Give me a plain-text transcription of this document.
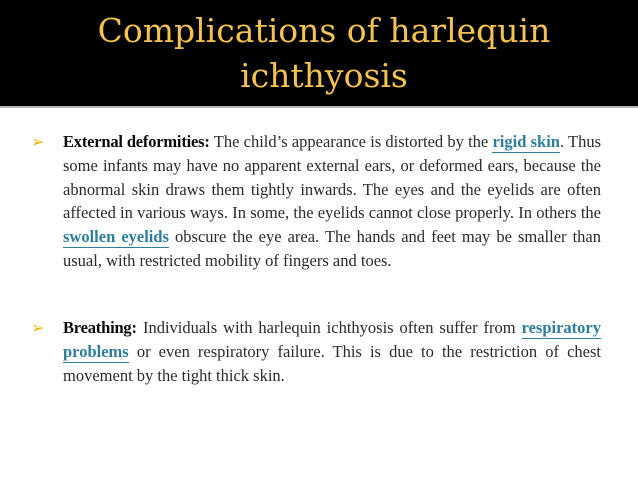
Complications of harlequin
ichthyosis
➢ External deformities: The child’s appearance is distorted by the rigid skin. Thus some infants may have no apparent external ears, or deformed ears, because the abnormal skin draws them tightly inwards. The eyes and the eyelids are often affected in various ways. In some, the eyelids cannot close properly. In others the swollen eyelids obscure the eye area. The hands and feet may be smaller than usual, with restricted mobility of fingers and toes.

➢ Breathing: Individuals with harlequin ichthyosis often suffer from respiratory problems or even respiratory failure. This is due to the restriction of chest movement by the tight thick skin.
